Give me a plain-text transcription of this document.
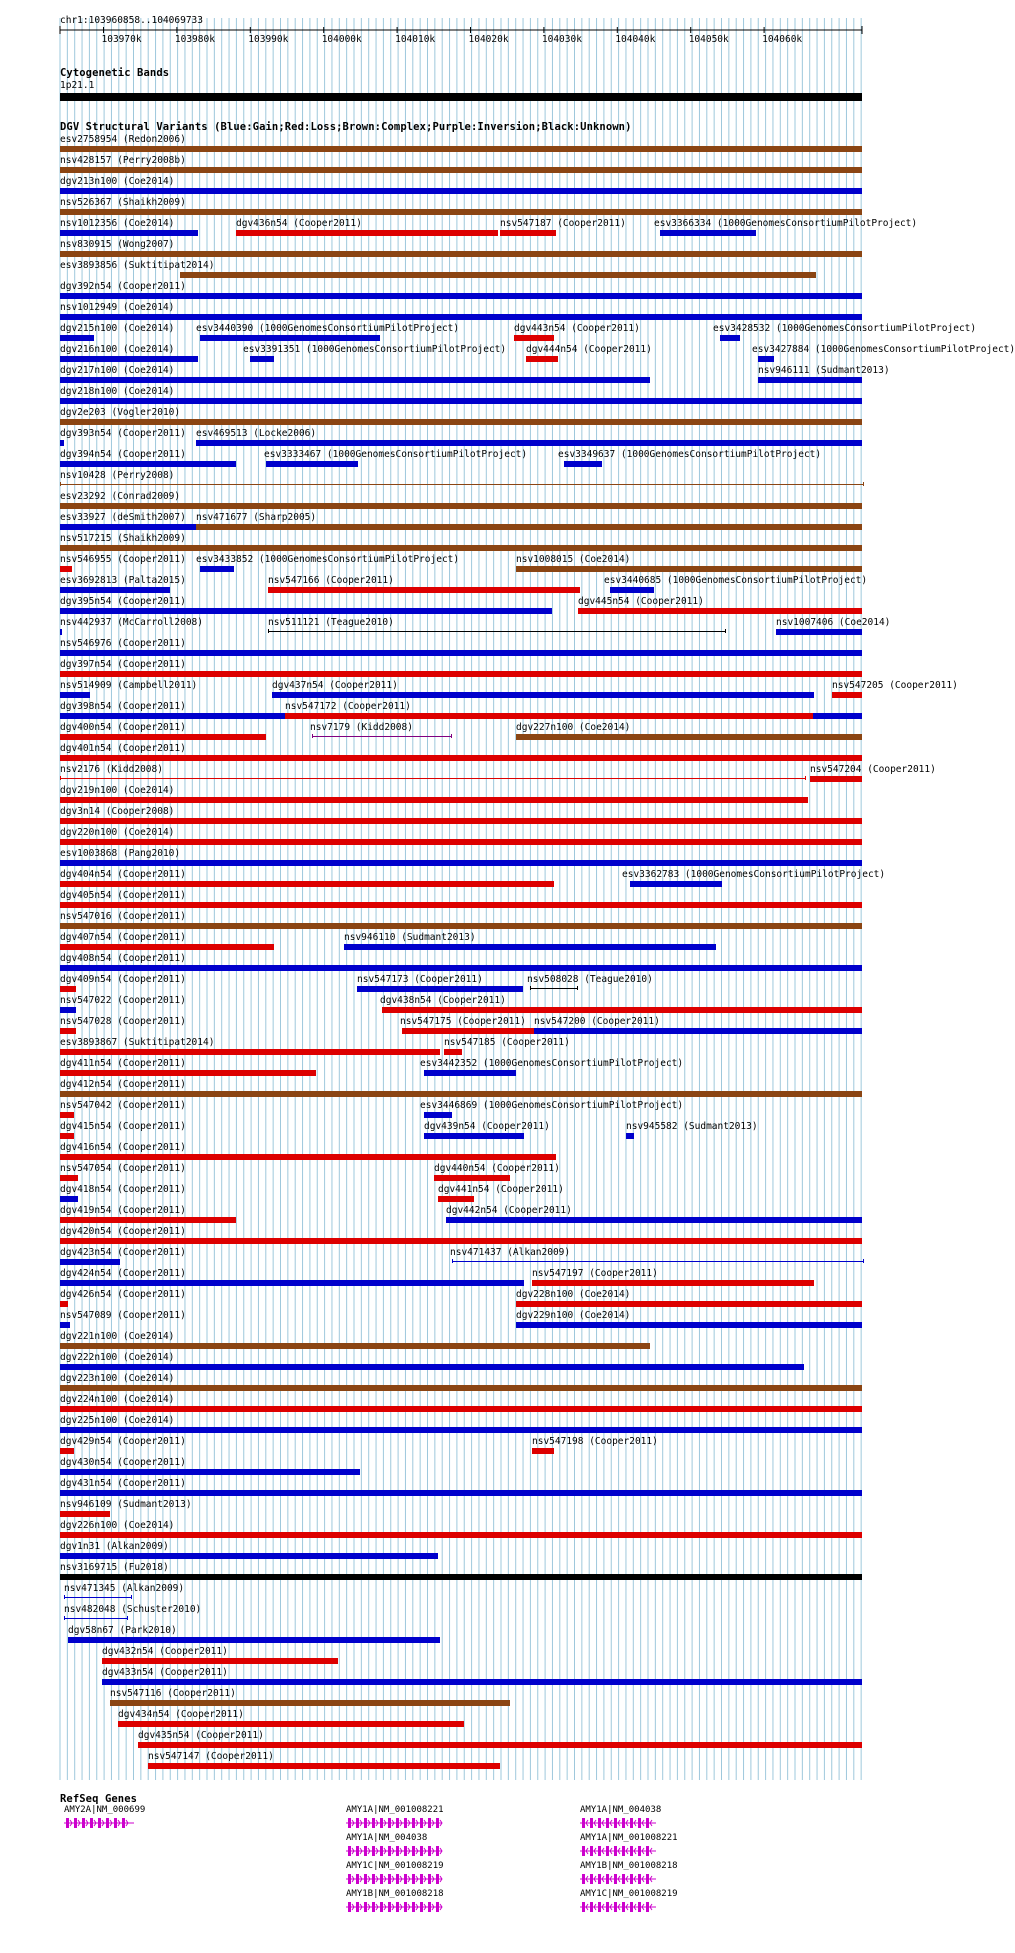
chr1:103960858..104069733
103970k	103980k	103990k	104000k	104010k	104020k	104030k	104040k	104050k	104060k
Cytogenetic Bands
1p21.1
DGV Structural Variants (Blue:Gain;Red:Loss;Brown:Complex;Purple:Inversion;Black:Unknown)
esv2758954 (Redon2006)
nsv428157 (Perry2008b)
dgv213n100 (Coe2014)
nsv526367 (Shaikh2009)
nsv1012356 (Coe2014)	dgv436n54 (Cooper2011)	nsv547187 (Cooper2011)	esv3366334 (1000GenomesConsortiumPilotProject)
nsv830915 (Wong2007)
esv3893856 (Suktitipat2014)
dgv392n54 (Cooper2011)
nsv1012949 (Coe2014)
dgv215n100 (Coe2014) esv3440390 (1000GenomesConsortiumPilotProject)	dgv443n54 (Cooper2011)	esv3428532 (1000GenomesConsortiumPilotProject)
dgv216n100 (Coe2014)	esv3391351 (1000GenomesConsortiumPilotProject) dgv444n54 (Cooper2011)	esv3427884 (1000GenomesConsortiumPilotProject)
dgv217n100 (Coe2014)	nsv946111 (Sudmant2013)
dgv218n100 (Coe2014)
dgv2e203 (Vogler2010)
dgv393n54 (Cooper2011) esv469513 (Locke2006)
dgv394n54 (Cooper2011)	esv3333467 (1000GenomesConsortiumPilotProject)	esv3349637 (1000GenomesConsortiumPilotProject)
nsv10428 (Perry2008)
esv23292 (Conrad2009)
esv33927 (deSmith2007) nsv471677 (Sharp2005)
nsv517215 (Shaikh2009)
nsv546955 (Cooper2011) esv3433852 (1000GenomesConsortiumPilotProject)	nsv1008015 (Coe2014)
esv3692813 (Palta2015)	nsv547166 (Cooper2011)	esv3440685 (1000GenomesConsortiumPilotProject)
dgv395n54 (Cooper2011)	dgv445n54 (Cooper2011)
nsv442937 (McCarroll2008)	nsv511121 (Teague2010)	nsv1007406 (Coe2014)
nsv546976 (Cooper2011)
dgv397n54 (Cooper2011)
nsv514909 (Campbell2011)	dgv437n54 (Cooper2011)	nsv547205 (Cooper2011)
dgv398n54 (Cooper2011)	nsv547172 (Cooper2011)
dgv400n54 (Cooper2011)	nsv7179 (Kidd2008)	dgv227n100 (Coe2014)
dgv401n54 (Cooper2011)
nsv2176 (Kidd2008)	nsv547204 (Cooper2011)
dgv219n100 (Coe2014)
dgv3n14 (Cooper2008)
dgv220n100 (Coe2014)
esv1003868 (Pang2010)
dgv404n54 (Cooper2011)	esv3362783 (1000GenomesConsortiumPilotProject)
dgv405n54 (Cooper2011)
nsv547016 (Cooper2011)
dgv407n54 (Cooper2011)	nsv946110 (Sudmant2013)
dgv408n54 (Cooper2011)
dgv409n54 (Cooper2011)	nsv547173 (Cooper2011)	nsv508028 (Teague2010)
nsv547022 (Cooper2011)	dgv438n54 (Cooper2011)
nsv547028 (Cooper2011)	nsv547175 (Cooper2011) nsv547200 (Cooper2011)
esv3893867 (Suktitipat2014)	nsv547185 (Cooper2011)
dgv411n54 (Cooper2011)	esv3442352 (1000GenomesConsortiumPilotProject)
dgv412n54 (Cooper2011)
nsv547042 (Cooper2011)	esv3446869 (1000GenomesConsortiumPilotProject)
dgv415n54 (Cooper2011)	dgv439n54 (Cooper2011)	nsv945582 (Sudmant2013)
dgv416n54 (Cooper2011)
nsv547054 (Cooper2011)	dgv440n54 (Cooper2011)
dgv418n54 (Cooper2011)	dgv441n54 (Cooper2011)
dgv419n54 (Cooper2011)	dgv442n54 (Cooper2011)
dgv420n54 (Cooper2011)
dgv423n54 (Cooper2011)	nsv471437 (Alkan2009)
dgv424n54 (Cooper2011)	nsv547197 (Cooper2011)
dgv426n54 (Cooper2011)	dgv228n100 (Coe2014)
nsv547089 (Cooper2011)	dgv229n100 (Coe2014)
dgv221n100 (Coe2014)
dgv222n100 (Coe2014)
dgv223n100 (Coe2014)
dgv224n100 (Coe2014)
dgv225n100 (Coe2014)
dgv429n54 (Cooper2011)	nsv547198 (Cooper2011)
dgv430n54 (Cooper2011)
dgv431n54 (Cooper2011)
nsv946109 (Sudmant2013)
dgv226n100 (Coe2014)
dgv1n31 (Alkan2009)
nsv3169715 (Fu2018)
nsv471345 (Alkan2009)
nsv482048 (Schuster2010)
dgv58n67 (Park2010)
dgv432n54 (Cooper2011)
dgv433n54 (Cooper2011)
nsv547116 (Cooper2011)
dgv434n54 (Cooper2011)
dgv435n54 (Cooper2011)
nsv547147 (Cooper2011)
RefSeq Genes
AMY2A|NM_000699	AMY1A|NM_001008221	AMY1A|NM_004038
AMY1A|NM_004038	AMY1A|NM_001008221
AMY1C|NM_001008219	AMY1B|NM_001008218
AMY1B|NM_001008218	AMY1C|NM_001008219
